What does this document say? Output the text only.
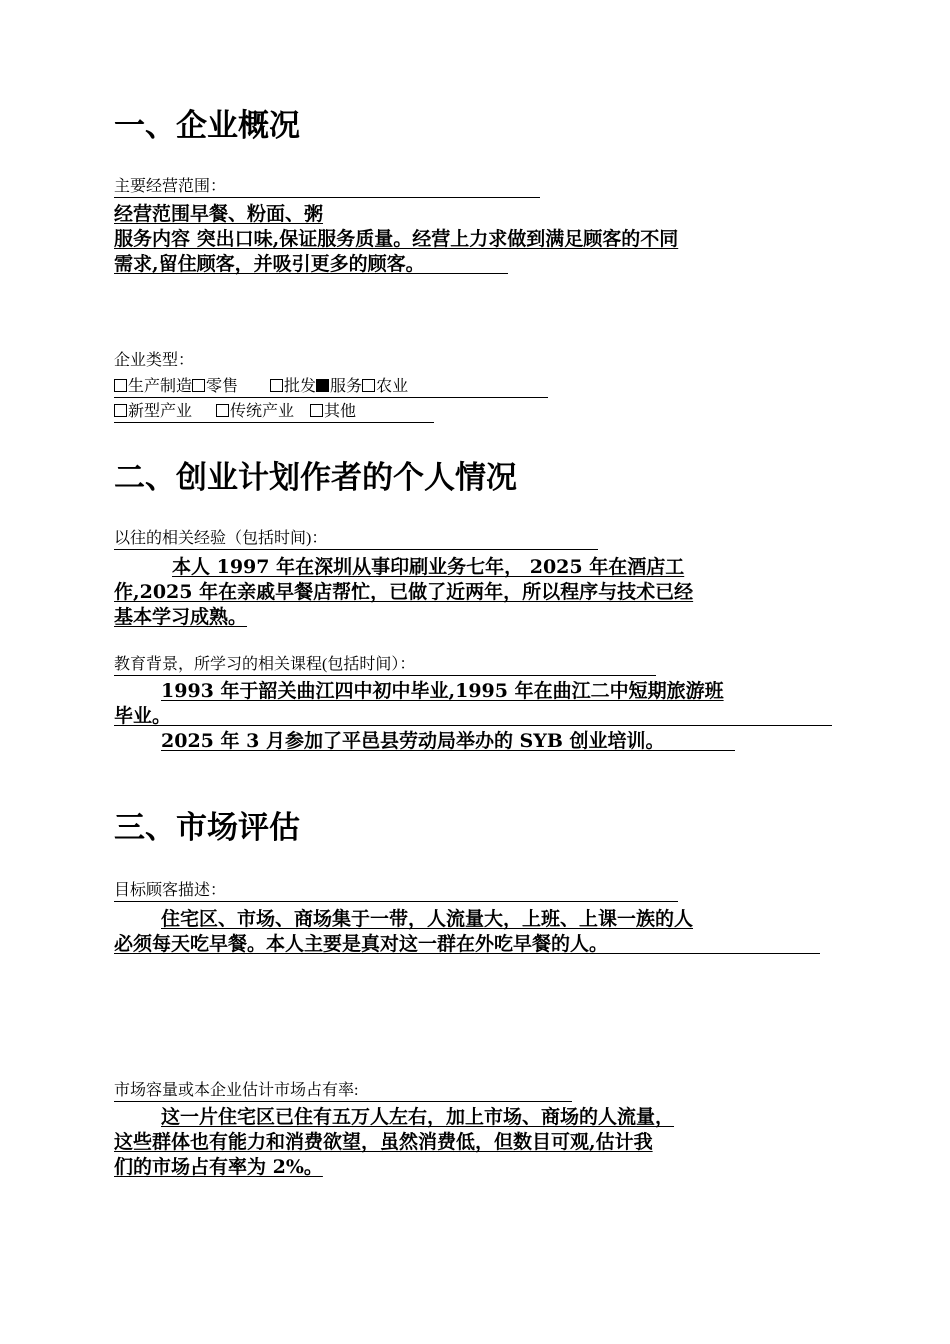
一、企业概况
主要经营范围：
经营范围早餐、粉面、粥
服务内容 突出口味,保证服务质量。经营上力求做到满足顾客的不同
需求,留住顾客，并吸引更多的顾客。
企业类型：
生产制造 零售	批发 服务 农业
新型产业 传统产业 其他
二、创业计划作者的个人情况
以往的相关经验（包括时间)：
本人 1997 年在深圳从事印刷业务七年， 2025 年在酒店工
作,2025 年在亲戚早餐店帮忙，已做了近两年，所以程序与技术已经
基本学习成熟。
教育背景，所学习的相关课程(包括时间）：
1993 年于韶关曲江四中初中毕业,1995 年在曲江二中短期旅游班
毕业。
2025 年 3 月参加了平邑县劳动局举办的 SYB 创业培训。
三、市场评估
目标顾客描述：
住宅区、市场、商场集于一带，人流量大，上班、上课一族的人
必须每天吃早餐。本人主要是真对这一群在外吃早餐的人。
市场容量或本企业估计市场占有率:
这一片住宅区已住有五万人左右，加上市场、商场的人流量，
这些群体也有能力和消费欲望，虽然消费低，但数目可观,估计我
们的市场占有率为 2%。
